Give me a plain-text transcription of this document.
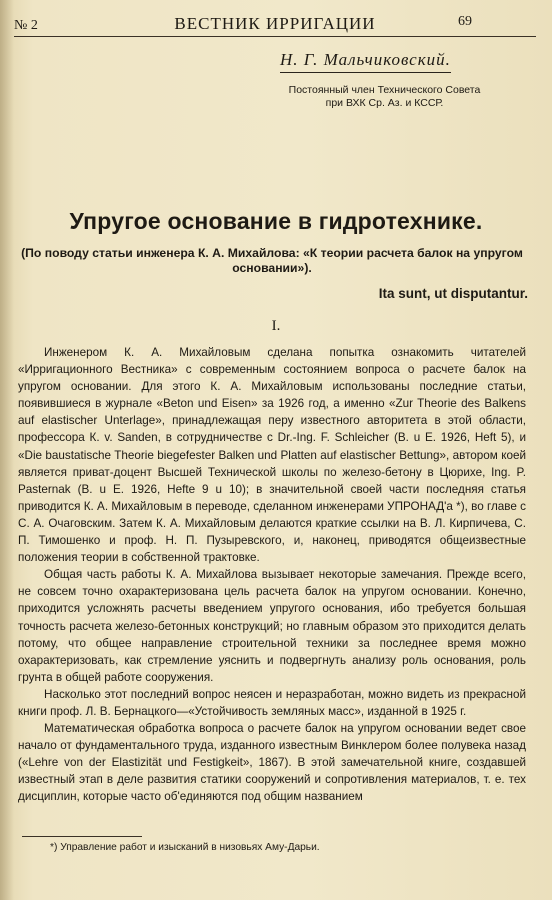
№ 2	ВЕСТНИК ИРРИГАЦИИ	69
Н. Г. Мальчиковский.
Постоянный член Технического Совета
при ВХК Ср. Аз. и КССР.
Упругое основание в гидротехнике.
(По поводу статьи инженера К. А. Михайлова: «К теории расчета балок на упругом основании»).
Ita sunt, ut disputantur.
I.

Инженером К. А. Михайловым сделана попытка ознакомить читателей «Ирригационного Вестника» с современным состоянием вопроса о расчете балок на упругом основании. Для этого К. А. Михайловым использованы последние статьи, появившиеся в журнале «Beton und Eisen» за 1926 год, а именно «Zur Theorie des Balkens auf elastischer Unterlage», принадлежащая перу известного авторитета в этой области, профессора К. v. Sanden, в сотрудничестве с Dr.-Ing. F. Schleicher (B. u E. 1926, Heft 5), и «Die baustatische Theorie biegefester Balken und Platten auf elastischer Bettung», автором коей является приват-доцент Высшей Технической школы по железо-бетону в Цюрихе, Ing. P. Pasternak (B. u E. 1926, Hefte 9 u 10); в значительной своей части последняя статья приводится К. А. Михайловым в переводе, сделанном инженерами УПРОНАД'а *), во главе с С. А. Очаговским. Затем К. А. Михайловым делаются краткие ссылки на В. Л. Кирпичева, С. П. Тимошенко и проф. Н. П. Пузыревского, и, наконец, приводятся общеизвестные положения теории в собственной трактовке.

Общая часть работы К. А. Михайлова вызывает некоторые замечания. Прежде всего, не совсем точно охарактеризована цель расчета балок на упругом основании. Конечно, приходится усложнять расчеты введением упругого основания, ибо требуется большая точность расчета железо-бетонных конструкций; но главным образом это приходится делать потому, что общее направление строительной техники за последнее время можно охарактеризовать, как стремление уяснить и подвергнуть анализу роль основания, роль грунта в общей работе сооружения.

Насколько этот последний вопрос неясен и неразработан, можно видеть из прекрасной книги проф. Л. В. Бернацкого—«Устойчивость земляных масс», изданной в 1925 г.

Математическая обработка вопроса о расчете балок на упругом основании ведет свое начало от фундаментального труда, изданного известным Винклером более полувека назад («Lehre von der Elastizität und Festigkeit», 1867). В этой замечательной книге, создавшей известный этап в деле развития статики сооружений и сопротивления материалов, т. е. тех дисциплин, которые часто об'единяются под общим названием

*) Управление работ и изысканий в низовьях Аму-Дарьи.
